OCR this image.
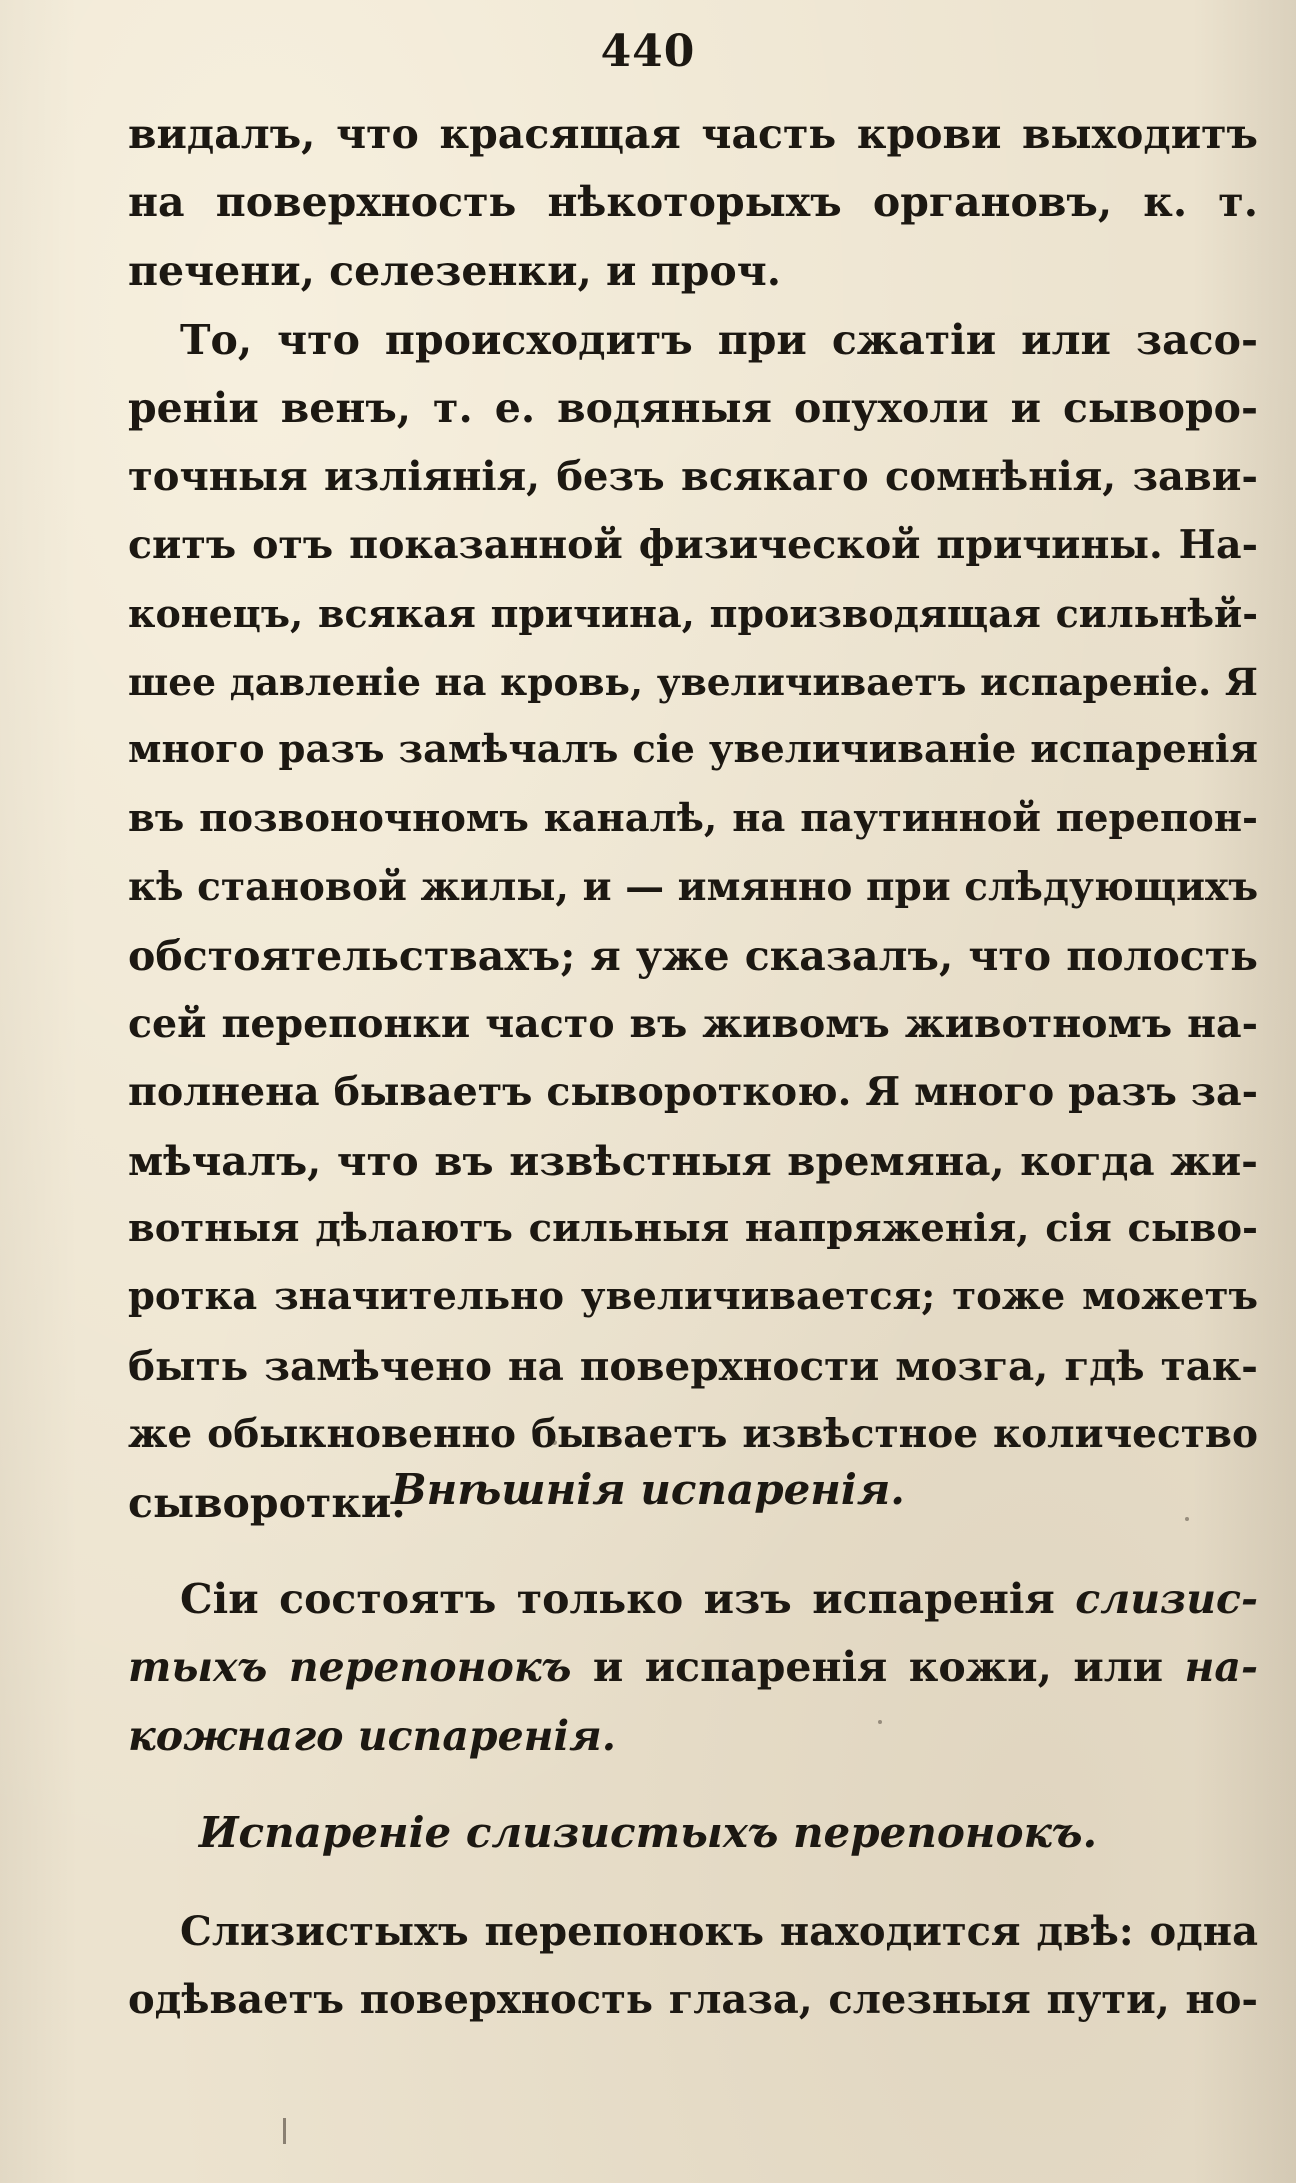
440
видалъ, что красящая часть крови выходитъ
на поверхность нѣкоторыхъ органовъ, к. т.
печени, селезенки, и проч.
То, что происходитъ при сжатіи или засо-
реніи венъ, т. е. водяныя опухоли и сыворо-
точныя изліянія, безъ всякаго сомнѣнія, зави-
ситъ отъ показанной физической причины. На-
конецъ, всякая причина, производящая сильнѣй-
шее давленіе на кровь, увеличиваетъ испареніе. Я
много разъ замѣчалъ сіе увеличиваніе испаренія
въ позвоночномъ каналѣ, на паутинной перепон-
кѣ становой жилы, и — имянно при слѣдующихъ
обстоятельствахъ; я уже сказалъ, что полость
сей перепонки часто въ живомъ животномъ на-
полнена бываетъ сывороткою. Я много разъ за-
мѣчалъ, что въ извѣстныя времяна, когда жи-
вотныя дѣлаютъ сильныя напряженія, сія сыво-
ротка значительно увеличиваетcя; тоже можетъ
быть замѣчено на поверхности мозга, гдѣ так-
же обыкновенно бываетъ извѣстное количество
сыворотки.
Внѣшнія испаренія.
Сіи состоятъ только изъ испаренія слизис-
тыхъ перепонокъ и испаренія кожи, или на-
кожнаго испаренія.
Испареніе слизистыхъ перепонокъ.
Слизистыхъ перепонокъ находится двѣ: одна
одѣваетъ поверхность глаза, слезныя пути, но-
